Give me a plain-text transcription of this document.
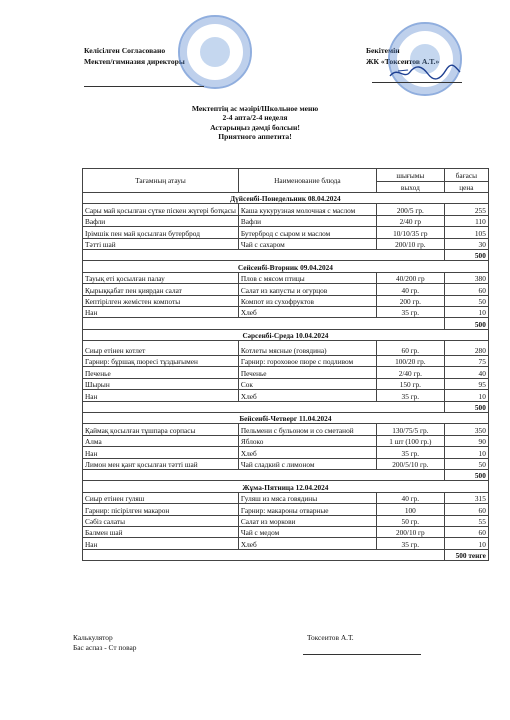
Келісілген Согласовано
Мектеп/гимназия директоры
Бекітемін
ЖК «Токсеитов А.Т.»
Мектептің ас мәзірі/Школьное меню
2-4 апта/2-4 неделя
Астарыңыз дәмді болсын!
Приятного аппетита!
Тағамның атауы	Наименование блюда	шығымы	бағасы
		выход	цена
Дүйсенбі-Понедельник 08.04.2024			
Сары май қосылған сүтке пiскен жүгерi ботқасы	Каша кукурузная молочная с маслом	200/5 гр.	255
Вафли	Вафли	2/40 гр	110
Iрiмшiк пен май қосылған бутерброд	Бутерброд с сыром и маслом	10/10/35 гр	105
Тәттi шай	Чай с сахаром	200/10 гр.	30
			500
Сейсенбі-Вторник 09.04.2024			
Тауық етi қосылған палау	Плов с мясом птицы	40/200 гр	380
Қырыққабат пен қиярдан салат	Салат из капусты и огурцов	40 гр.	60
Кептiрiлген жемiстен компоты	Компот из сухофруктов	200 гр.	50
Нан	Хлеб	35 гр.	10
			500
Сәрсенбі-Среда 10.04.2024			
Сиыр етiнен котлет	Котлеты мясные (говядина)	60 гр.	280
Гарнир: бұршақ пюресi тұздығымен	Гарнир: гороховое пюре с подливом	100/20 гр.	75
Печенье	Печенье	2/40 гр.	40
Шырын	Сок	150 гр.	95
Нан	Хлеб	35 гр.	10
			500
Бейсенбі-Четверг 11.04.2024			
Қаймақ қосылған тұшпара сорпасы	Пельмени с бульоном и со сметаной	130/75/5 гр.	350
Алма	Яблоко	1 шт (100 гр.)	90
Нан	Хлеб	35 гр.	10
Лимон мен қант қосылған тәттi шай	Чай сладкий с лимоном	200/5/10 гр.	50
			500
Жұма-Пятница 12.04.2024			
Сиыр етiнен гуляш	Гуляш из мяса говядины	40 гр.	315
Гарнир: пiсiрiлген макарон	Гарнир: макароны отварные	100	60
Сәбiз салаты	Салат из моркови	50 гр.	55
Балмен шай	Чай с медом	200/10 гр	60
Нан	Хлеб	35 гр.	10
			500 тенге
Калькулятор
Бас аспаз - Ст повар
Токсеитов А.Т.
